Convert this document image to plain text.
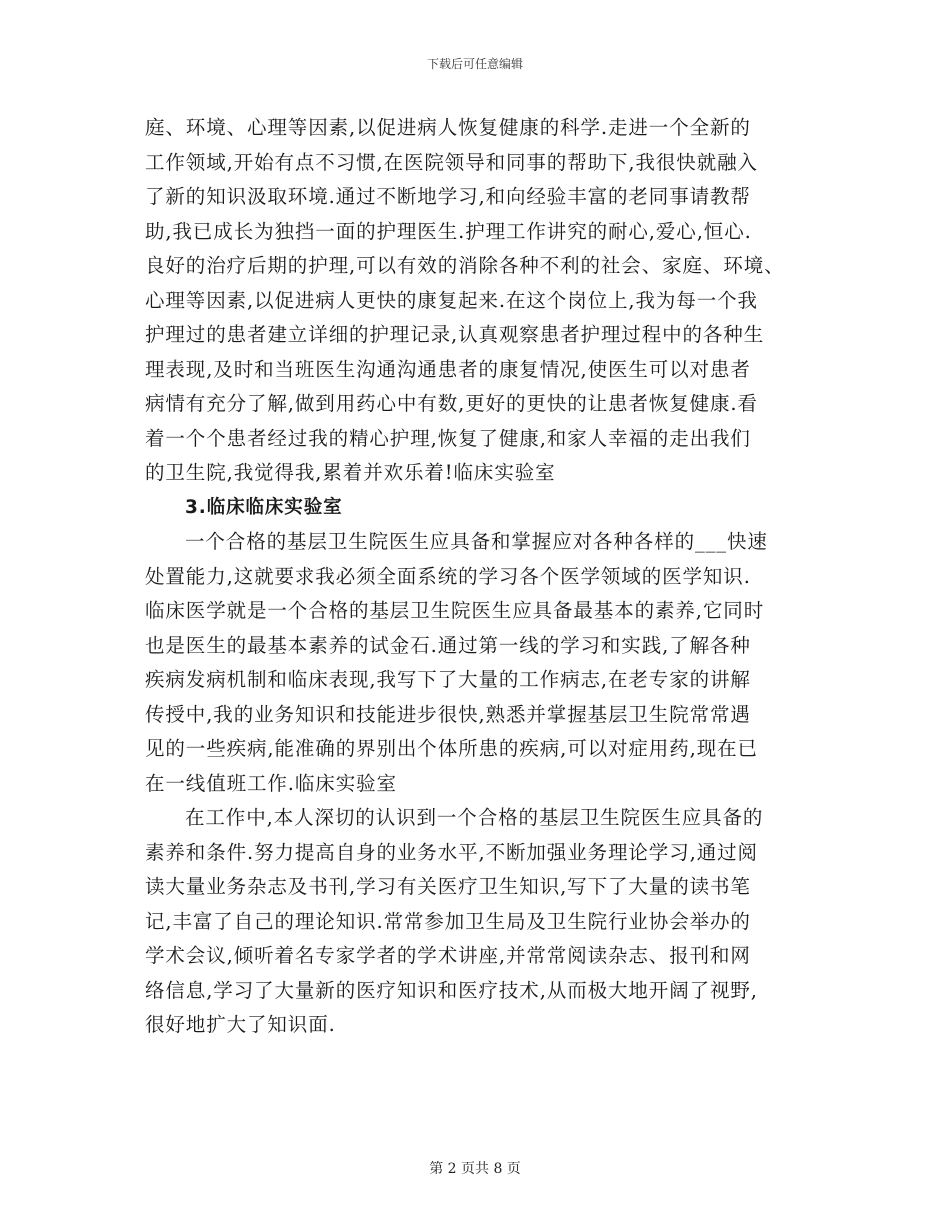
下载后可任意编辑
庭、环境、心理等因素,以促进病人恢复健康的科学.走进一个全新的
工作领域,开始有点不习惯,在医院领导和同事的帮助下,我很快就融入
了新的知识汲取环境.通过不断地学习,和向经验丰富的老同事请教帮
助,我已成长为独挡一面的护理医生.护理工作讲究的耐心,爱心,恒心.
良好的治疗后期的护理,可以有效的消除各种不利的社会、家庭、环境、
心理等因素,以促进病人更快的康复起来.在这个岗位上,我为每一个我
护理过的患者建立详细的护理记录,认真观察患者护理过程中的各种生
理表现,及时和当班医生沟通沟通患者的康复情况,使医生可以对患者
病情有充分了解,做到用药心中有数,更好的更快的让患者恢复健康.看
着一个个患者经过我的精心护理,恢复了健康,和家人幸福的走出我们
的卫生院,我觉得我,累着并欢乐着!临床实验室
3.临床临床实验室
一个合格的基层卫生院医生应具备和掌握应对各种各样的___快速
处置能力,这就要求我必须全面系统的学习各个医学领域的医学知识.
临床医学就是一个合格的基层卫生院医生应具备最基本的素养,它同时
也是医生的最基本素养的试金石.通过第一线的学习和实践,了解各种
疾病发病机制和临床表现,我写下了大量的工作病志,在老专家的讲解
传授中,我的业务知识和技能进步很快,熟悉并掌握基层卫生院常常遇
见的一些疾病,能准确的界别出个体所患的疾病,可以对症用药,现在已
在一线值班工作.临床实验室
在工作中,本人深切的认识到一个合格的基层卫生院医生应具备的
素养和条件.努力提高自身的业务水平,不断加强业务理论学习,通过阅
读大量业务杂志及书刊,学习有关医疗卫生知识,写下了大量的读书笔
记,丰富了自己的理论知识.常常参加卫生局及卫生院行业协会举办的
学术会议,倾听着名专家学者的学术讲座,并常常阅读杂志、报刊和网
络信息,学习了大量新的医疗知识和医疗技术,从而极大地开阔了视野,
很好地扩大了知识面.
第 2 页共 8 页
